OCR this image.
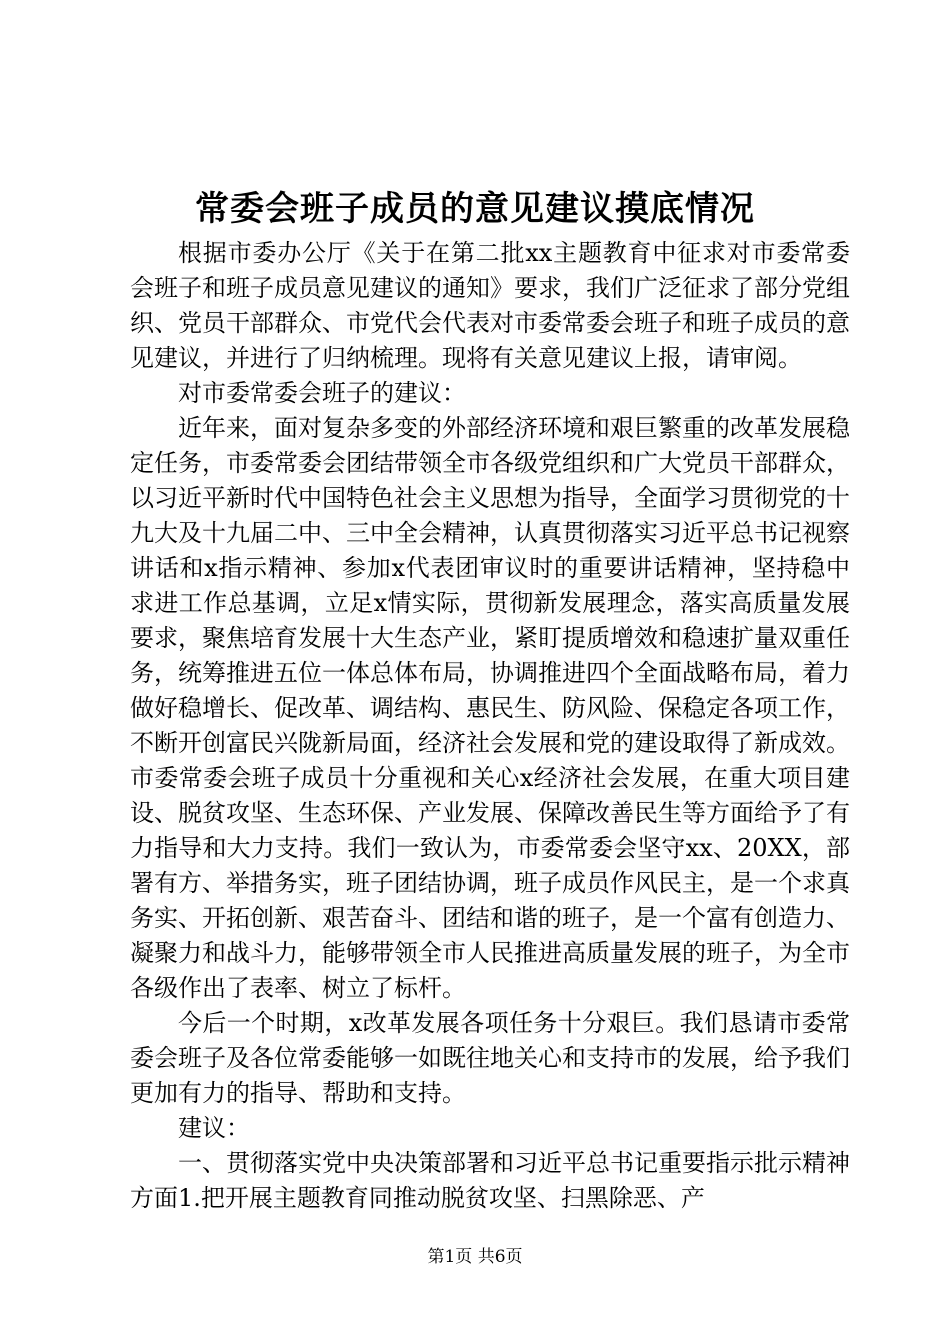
常委会班子成员的意见建议摸底情况

根据市委办公厅《关于在第二批xx主题教育中征求对市委常委会班子和班子成员意见建议的通知》要求，我们广泛征求了部分党组织、党员干部群众、市党代会代表对市委常委会班子和班子成员的意见建议，并进行了归纳梳理。现将有关意见建议上报，请审阅。

对市委常委会班子的建议：

近年来，面对复杂多变的外部经济环境和艰巨繁重的改革发展稳定任务，市委常委会团结带领全市各级党组织和广大党员干部群众，以习近平新时代中国特色社会主义思想为指导，全面学习贯彻党的十九大及十九届二中、三中全会精神，认真贯彻落实习近平总书记视察讲话和x指示精神、参加x代表团审议时的重要讲话精神，坚持稳中求进工作总基调，立足x情实际，贯彻新发展理念，落实高质量发展要求，聚焦培育发展十大生态产业，紧盯提质增效和稳速扩量双重任务，统筹推进五位一体总体布局，协调推进四个全面战略布局，着力做好稳增长、促改革、调结构、惠民生、防风险、保稳定各项工作，不断开创富民兴陇新局面，经济社会发展和党的建设取得了新成效。市委常委会班子成员十分重视和关心x经济社会发展，在重大项目建设、脱贫攻坚、生态环保、产业发展、保障改善民生等方面给予了有力指导和大力支持。我们一致认为，市委常委会坚守xx、20XX，部署有方、举措务实，班子团结协调，班子成员作风民主，是一个求真务实、开拓创新、艰苦奋斗、团结和谐的班子，是一个富有创造力、凝聚力和战斗力，能够带领全市人民推进高质量发展的班子，为全市各级作出了表率、树立了标杆。

今后一个时期，x改革发展各项任务十分艰巨。我们恳请市委常委会班子及各位常委能够一如既往地关心和支持市的发展，给予我们更加有力的指导、帮助和支持。

建议：

一、贯彻落实党中央决策部署和习近平总书记重要指示批示精神方面1.把开展主题教育同推动脱贫攻坚、扫黑除恶、产

第1页 共6页
